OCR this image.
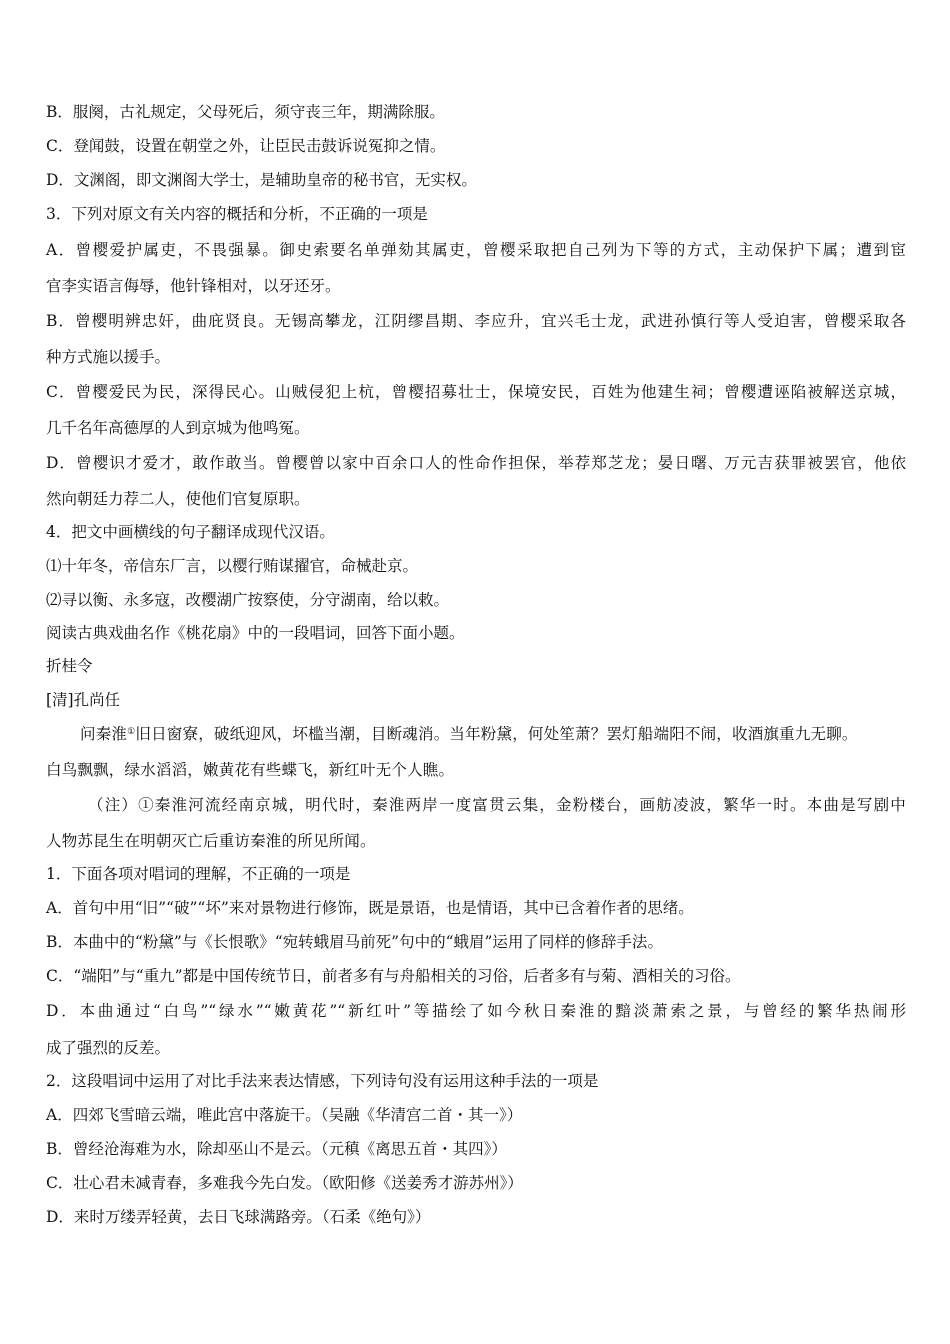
B．服阕，古礼规定，父母死后，须守丧三年，期满除服。
C．登闻鼓，设置在朝堂之外，让臣民击鼓诉说冤抑之情。
D．文渊阁，即文渊阁大学士，是辅助皇帝的秘书官，无实权。
3．下列对原文有关内容的概括和分析，不正确的一项是
A．曾樱爱护属吏，不畏强暴。御史索要名单弹劾其属吏，曾樱采取把自己列为下等的方式，主动保护下属；遭到宦
官李实语言侮辱，他针锋相对，以牙还牙。
B．曾樱明辨忠奸，曲庇贤良。无锡高攀龙，江阴缪昌期、李应升，宜兴毛士龙，武进孙慎行等人受迫害，曾樱采取各
种方式施以援手。
C．曾樱爱民为民，深得民心。山贼侵犯上杭，曾樱招募壮士，保境安民，百姓为他建生祠；曾樱遭诬陷被解送京城，
几千名年高德厚的人到京城为他鸣冤。
D．曾樱识才爱才，敢作敢当。曾樱曾以家中百余口人的性命作担保，举荐郑芝龙；晏日曙、万元吉获罪被罢官，他依
然向朝廷力荐二人，使他们官复原职。
4．把文中画横线的句子翻译成现代汉语。
⑴十年冬，帝信东厂言，以樱行贿谋擢官，命械赴京。
⑵寻以衡、永多寇，改樱湖广按察使，分守湖南，给以敕。
阅读古典戏曲名作《桃花扇》中的一段唱词，回答下面小题。
折桂令
[清]孔尚任
问秦淮①旧日窗寮，破纸迎风，坏槛当潮，目断魂消。当年粉黛，何处笙萧？罢灯船端阳不闹，收酒旗重九无聊。
白鸟飘飘，绿水滔滔，嫩黄花有些蝶飞，新红叶无个人瞧。
（注）①秦淮河流经南京城，明代时，秦淮两岸一度富贯云集，金粉楼台，画舫凌波，繁华一时。本曲是写剧中
人物苏昆生在明朝灭亡后重访秦淮的所见所闻。
1．下面各项对唱词的理解，不正确的一项是
A．首句中用“旧”“破”“坏”来对景物进行修饰，既是景语，也是情语，其中已含着作者的思绪。
B．本曲中的“粉黛”与《长恨歌》“宛转蛾眉马前死”句中的“蛾眉”运用了同样的修辞手法。
C．“端阳”与“重九”都是中国传统节日，前者多有与舟船相关的习俗，后者多有与菊、酒相关的习俗。
D．本曲通过“白鸟”“绿水”“嫩黄花”“新红叶”等描绘了如今秋日秦淮的黯淡萧索之景，与曾经的繁华热闹形
成了强烈的反差。
2．这段唱词中运用了对比手法来表达情感，下列诗句没有运用这种手法的一项是
A．四郊飞雪暗云端，唯此宫中落旋干。（吴融《华清宫二首・其一》）
B．曾经沧海难为水，除却巫山不是云。（元稹《离思五首・其四》）
C．壮心君未减青春，多难我今先白发。（欧阳修《送姜秀才游苏州》）
D．来时万缕弄轻黄，去日飞球满路旁。（石柔《绝句》）
